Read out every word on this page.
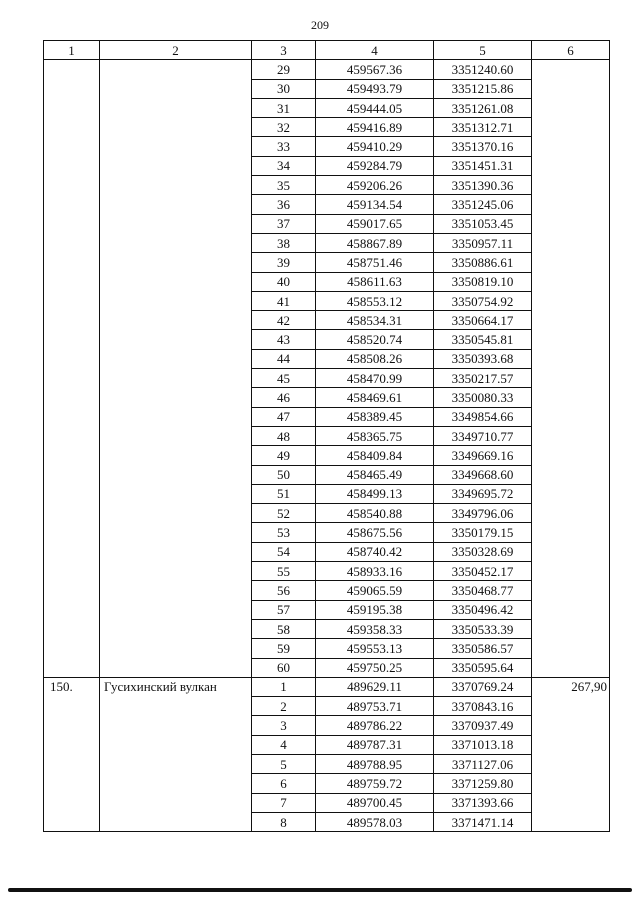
209
1	2	3	4	5	6
		29	459567.36	3351240.60	
		30	459493.79	3351215.86	
		31	459444.05	3351261.08	
		32	459416.89	3351312.71	
		33	459410.29	3351370.16	
		34	459284.79	3351451.31	
		35	459206.26	3351390.36	
		36	459134.54	3351245.06	
		37	459017.65	3351053.45	
		38	458867.89	3350957.11	
		39	458751.46	3350886.61	
		40	458611.63	3350819.10	
		41	458553.12	3350754.92	
		42	458534.31	3350664.17	
		43	458520.74	3350545.81	
		44	458508.26	3350393.68	
		45	458470.99	3350217.57	
		46	458469.61	3350080.33	
		47	458389.45	3349854.66	
		48	458365.75	3349710.77	
		49	458409.84	3349669.16	
		50	458465.49	3349668.60	
		51	458499.13	3349695.72	
		52	458540.88	3349796.06	
		53	458675.56	3350179.15	
		54	458740.42	3350328.69	
		55	458933.16	3350452.17	
		56	459065.59	3350468.77	
		57	459195.38	3350496.42	
		58	459358.33	3350533.39	
		59	459553.13	3350586.57	
		60	459750.25	3350595.64	
150.	Гусихинский вулкан	1	489629.11	3370769.24	267,90
		2	489753.71	3370843.16	
		3	489786.22	3370937.49	
		4	489787.31	3371013.18	
		5	489788.95	3371127.06	
		6	489759.72	3371259.80	
		7	489700.45	3371393.66	
		8	489578.03	3371471.14	
